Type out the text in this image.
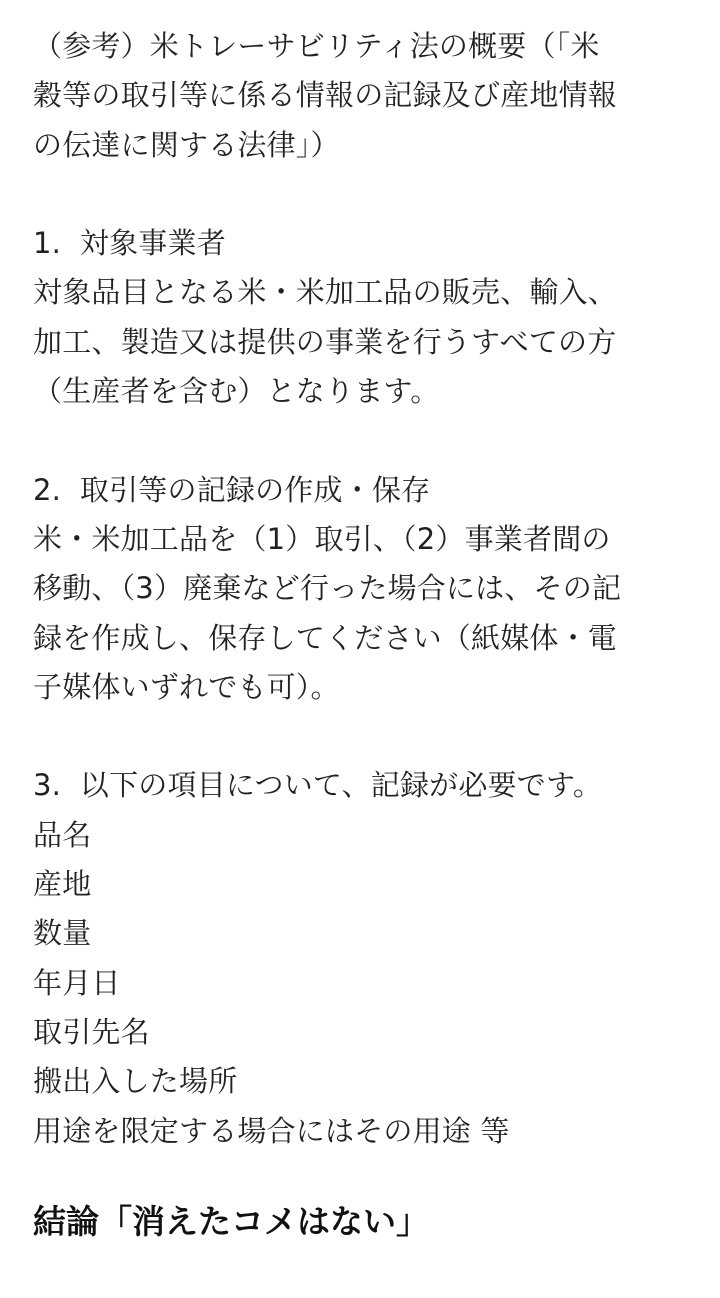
（参考）米トレーサビリティ法の概要（「米
穀等の取引等に係る情報の記録及び産地情報
の伝達に関する法律」）

1.  対象事業者
対象品目となる米・米加工品の販売、輸入、
加工、製造又は提供の事業を行うすべての方
（生産者を含む）となります。

2.  取引等の記録の作成・保存
米・米加工品を（1）取引、（2）事業者間の
移動、（3）廃棄など行った場合には、その記
録を作成し、保存してください（紙媒体・電
子媒体いずれでも可）。

3.  以下の項目について、記録が必要です。
品名
産地
数量
年月日
取引先名
搬出入した場所
用途を限定する場合にはその用途 等
結論「消えたコメはない」
